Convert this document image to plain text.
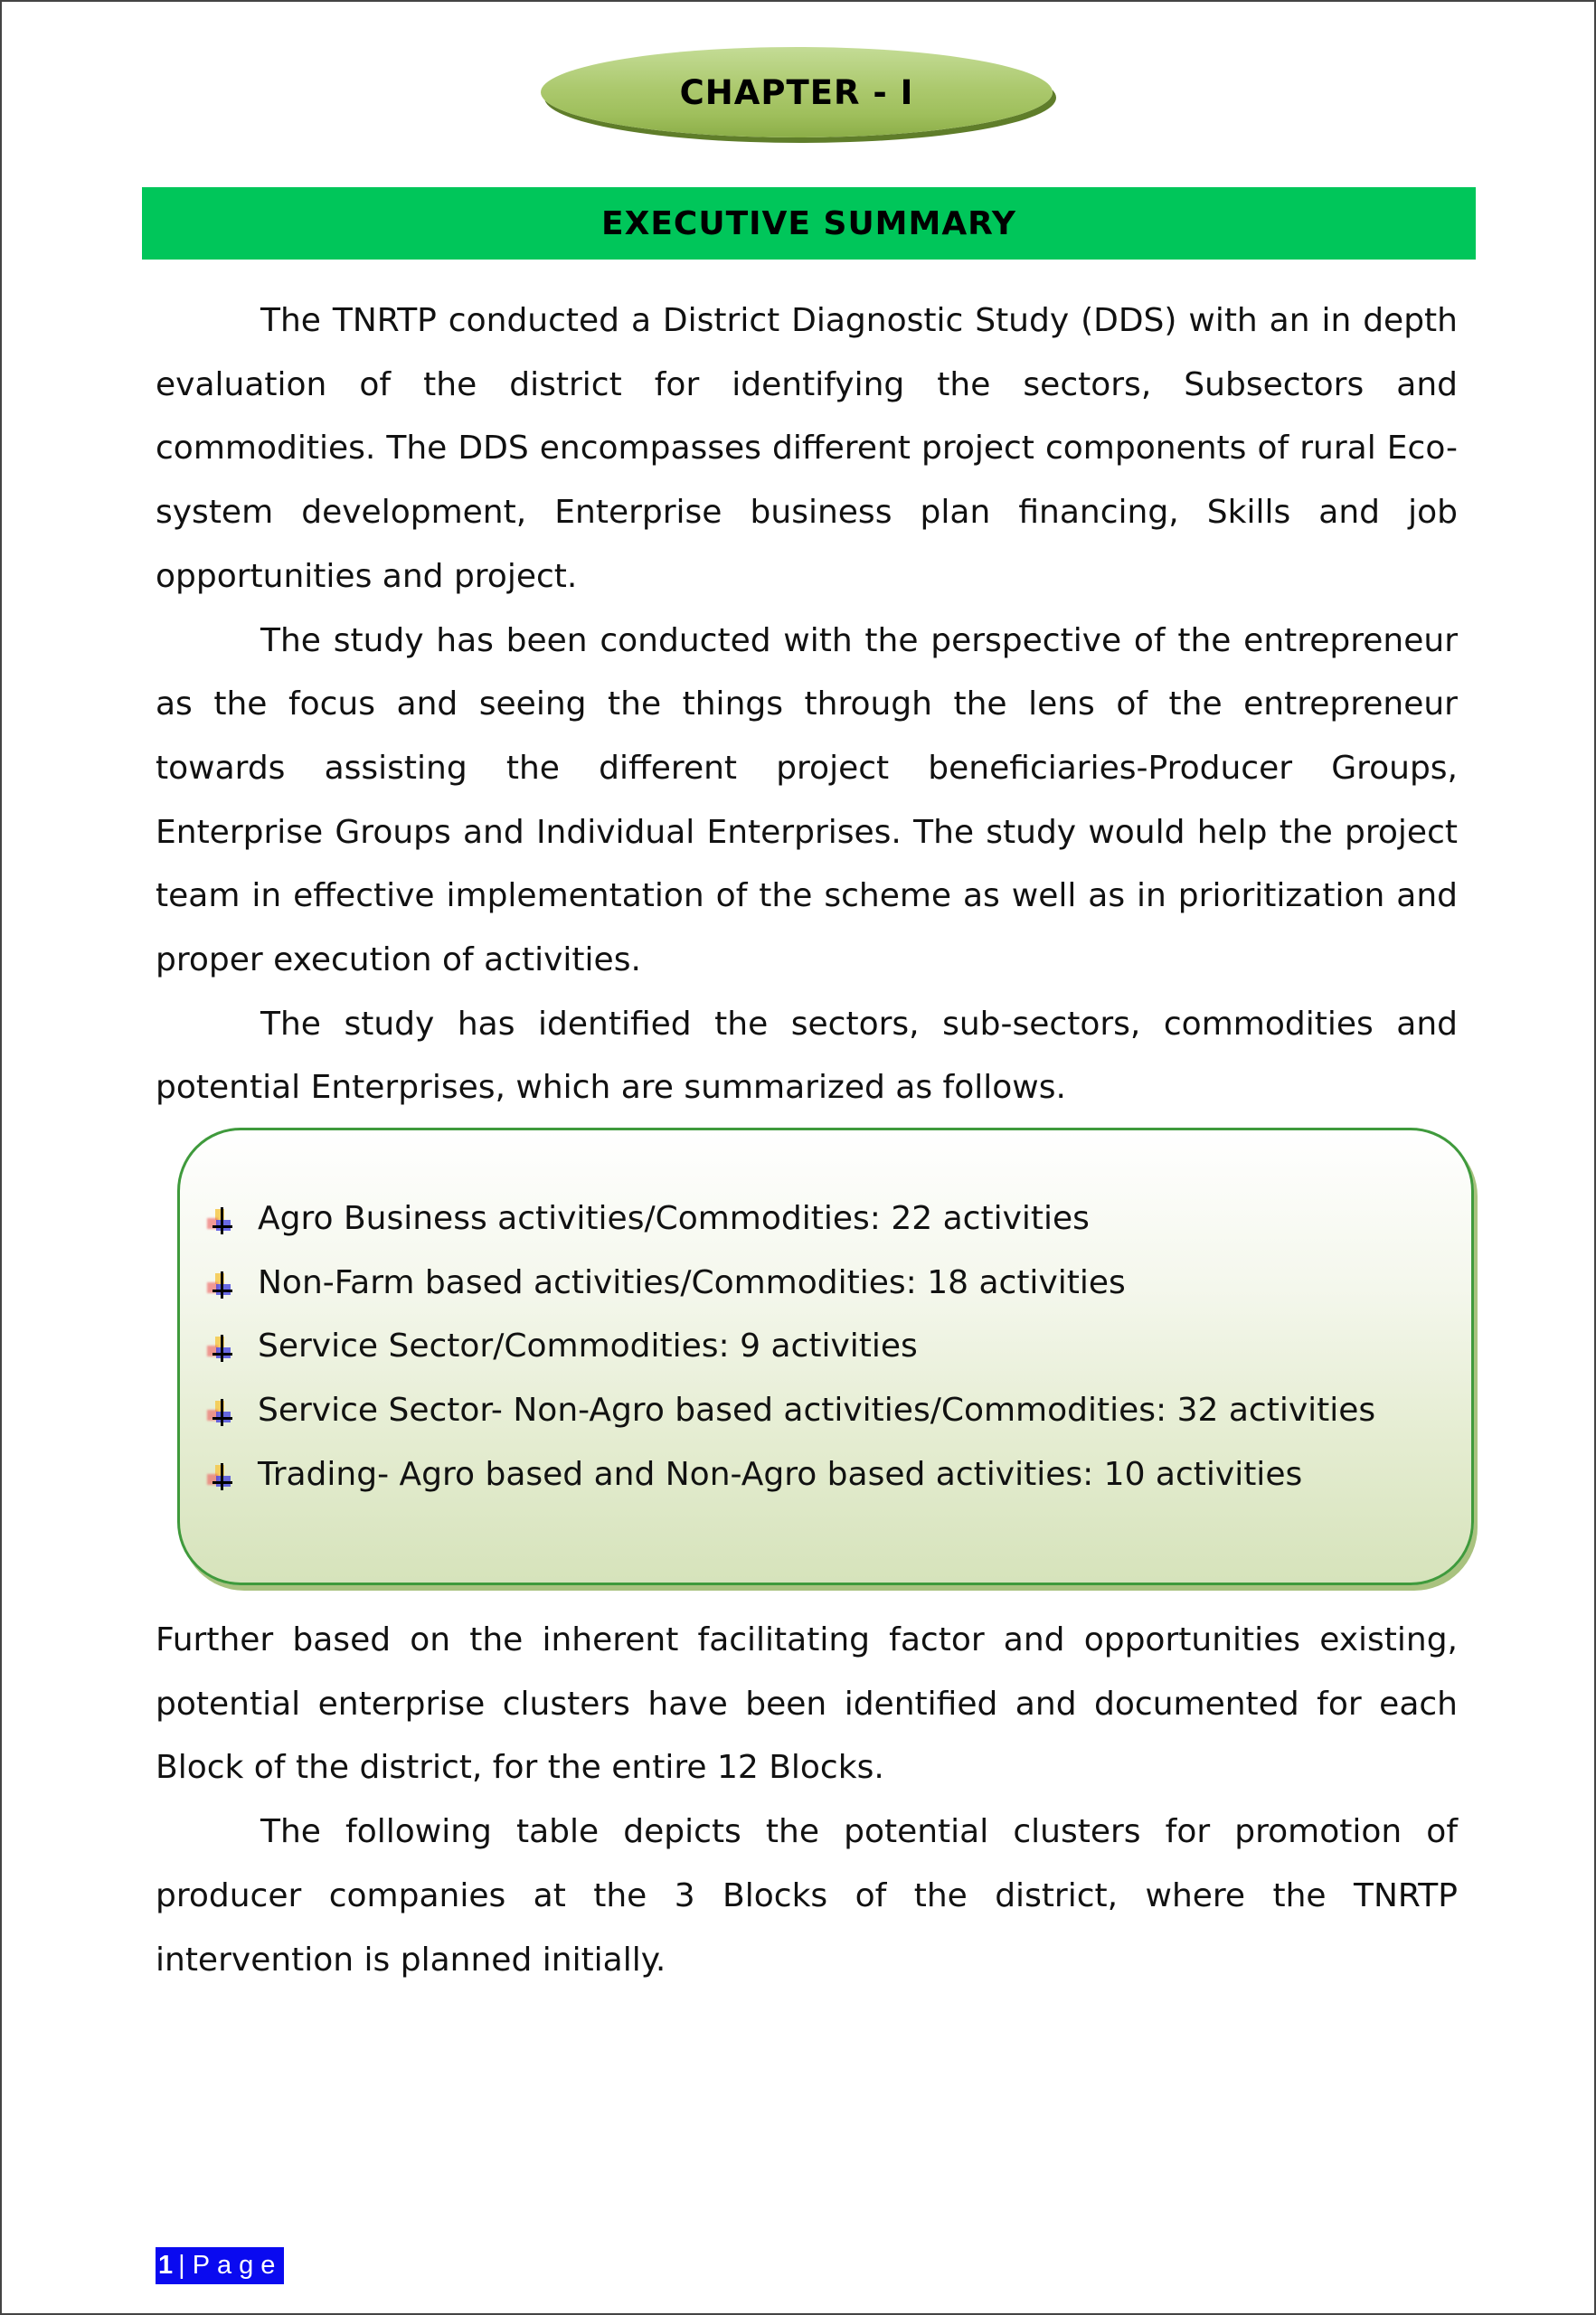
CHAPTER - I
EXECUTIVE SUMMARY

The TNRTP conducted a District Diagnostic Study (DDS) with an in depth evaluation of the district for identifying the sectors, Subsectors and commodities. The DDS encompasses different project components of rural Eco-system development, Enterprise business plan financing, Skills and job opportunities and project.

The study has been conducted with the perspective of the entrepreneur as the focus and seeing the things through the lens of the entrepreneur towards assisting the different project beneficiaries-Producer Groups, Enterprise Groups and Individual Enterprises. The study would help the project team in effective implementation of the scheme as well as in prioritization and proper execution of activities.

The study has identified the sectors, sub-sectors, commodities and potential Enterprises, which are summarized as follows.

Agro Business activities/Commodities: 22 activities
Non-Farm based activities/Commodities: 18 activities
Service Sector/Commodities: 9 activities
Service Sector- Non-Agro based activities/Commodities: 32 activities
Trading- Agro based and Non-Agro based activities: 10 activities

Further based on the inherent facilitating factor and opportunities existing, potential enterprise clusters have been identified and documented for each Block of the district, for the entire 12 Blocks.

The following table depicts the potential clusters for promotion of producer companies at the 3 Blocks of the district, where the TNRTP intervention is planned initially.

1 | Page
